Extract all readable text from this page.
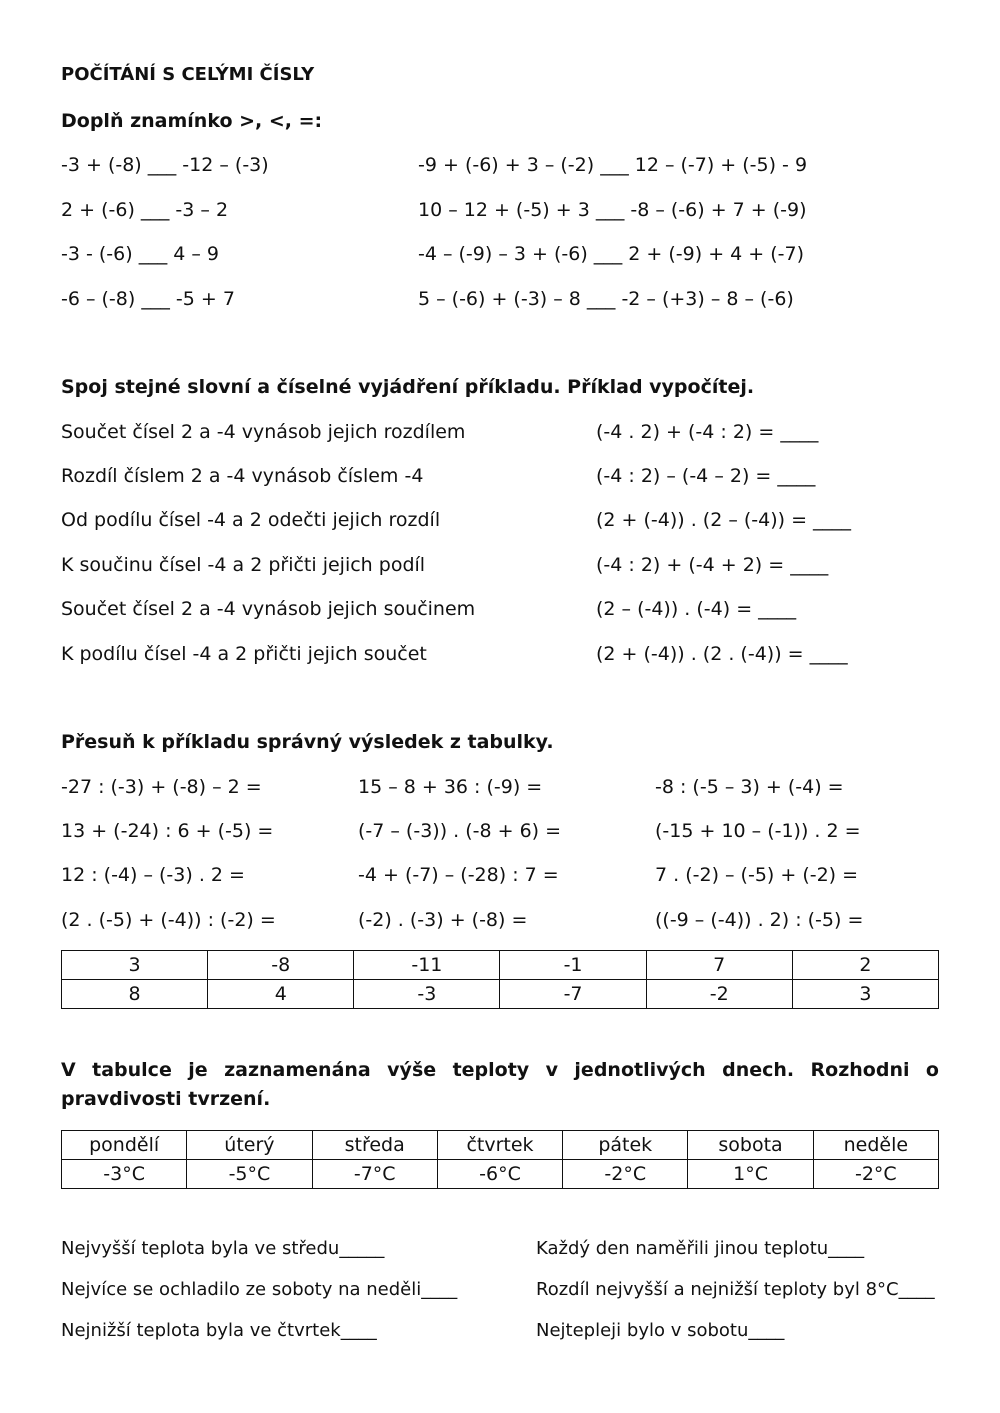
POČÍTÁNÍ S CELÝMI ČÍSLY
Doplň znamínko >, <, =:
-3 + (-8) ___ -12 – (-3)
2 + (-6) ___ -3 – 2
-3 - (-6) ___ 4 – 9
-6 – (-8) ___ -5 + 7
-9 + (-6) + 3 – (-2) ___ 12 – (-7) + (-5) - 9
10 – 12 + (-5) + 3 ___ -8 – (-6) + 7 + (-9)
-4 – (-9) – 3 + (-6) ___ 2 + (-9) + 4 + (-7)
5 – (-6) + (-3) – 8 ___ -2 – (+3) – 8 – (-6)
Spoj stejné slovní a číselné vyjádření příkladu. Příklad vypočítej.
Součet čísel 2 a -4 vynásob jejich rozdílem
Rozdíl číslem 2 a -4 vynásob číslem -4
Od podílu čísel -4 a 2 odečti jejich rozdíl
K součinu čísel -4 a 2 přičti jejich podíl
Součet čísel 2 a -4 vynásob jejich součinem
K podílu čísel -4 a 2 přičti jejich součet
(-4 . 2) + (-4 : 2) = ____
(-4 : 2) – (-4 – 2) = ____
(2 + (-4)) . (2 – (-4)) = ____
(-4 : 2) + (-4 + 2) = ____
(2 – (-4)) . (-4) = ____
(2 + (-4)) . (2 . (-4)) = ____
Přesuň k příkladu správný výsledek z tabulky.
-27 : (-3) + (-8) – 2 =
13 + (-24) : 6 + (-5) =
12 : (-4) – (-3) . 2 =
(2 . (-5) + (-4)) : (-2) =
15 – 8 + 36 : (-9) =
(-7 – (-3)) . (-8 + 6) =
-4 + (-7) – (-28) : 7 =
(-2) . (-3) + (-8) =
-8 : (-5 – 3) + (-4) =
(-15 + 10 – (-1)) . 2 =
7 . (-2) – (-5) + (-2) =
((-9 – (-4)) . 2) : (-5) =
3	-8	-11	-1	7	2
8	4	-3	-7	-2	3
V tabulce je zaznamenána výše teploty v jednotlivých dnech. Rozhodni o pravdivosti tvrzení.
pondělí	úterý	středa	čtvrtek	pátek	sobota	neděle
-3°C	-5°C	-7°C	-6°C	-2°C	1°C	-2°C
Nejvyšší teplota byla ve středu_____
Nejvíce se ochladilo ze soboty na neděli____
Nejnižší teplota byla ve čtvrtek____
Každý den naměřili jinou teplotu____
Rozdíl nejvyšší a nejnižší teploty byl 8°C____
Nejtepleji bylo v sobotu____
